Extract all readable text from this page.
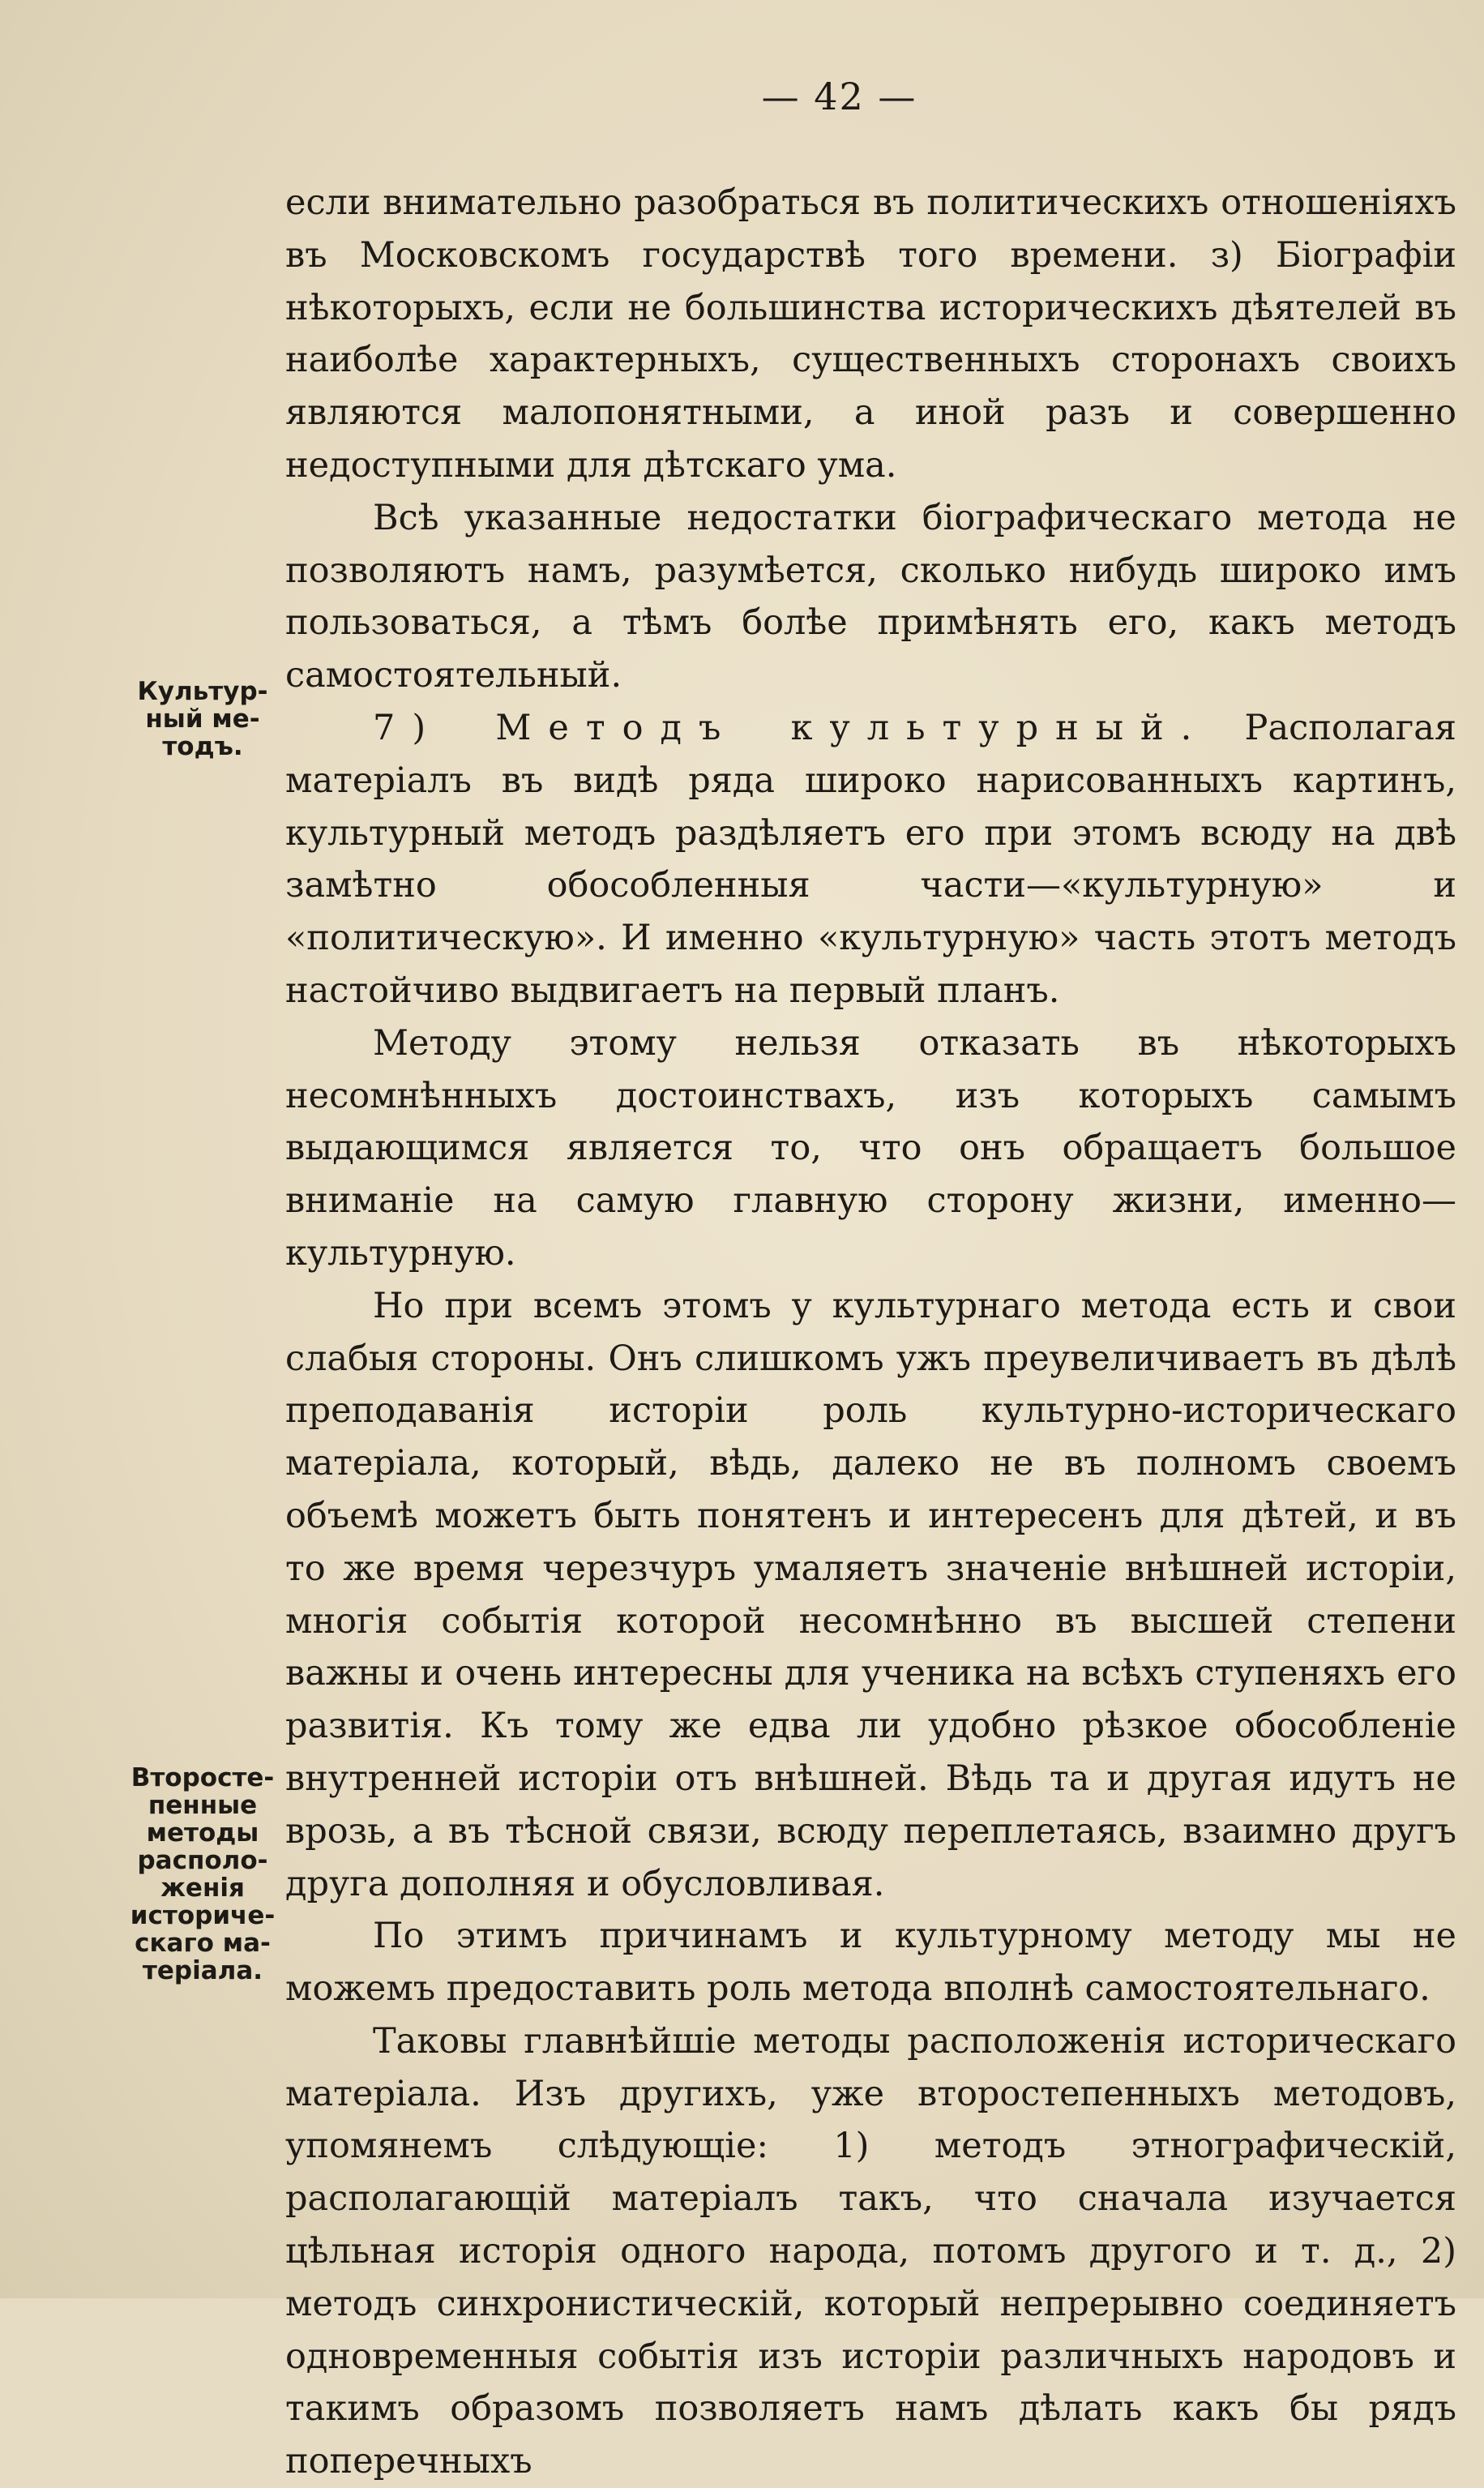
— 42 —
Культур-
ный ме-
тодъ.
Второсте-
пенные
методы
располо-
женія
историче-
скаго ма-
теріала.

если внимательно разобраться въ политическихъ отношеніяхъ въ Московскомъ государствѣ того времени. з) Біографіи нѣкоторыхъ, если не большинства историческихъ дѣятелей въ наиболѣе характерныхъ, существенныхъ сторонахъ своихъ являются малопонятными, а иной разъ и совершенно недоступными для дѣтскаго ума.

Всѣ указанные недостатки біографическаго метода не позволяютъ намъ, разумѣется, сколько нибудь широко имъ пользоваться, а тѣмъ болѣе примѣнять его, какъ методъ самостоятельный.

7) Методъ культурный. Располагая матеріалъ въ видѣ ряда широко нарисованныхъ картинъ, культурный методъ раздѣляетъ его при этомъ всюду на двѣ замѣтно обособленныя части—«культурную» и «политическую». И именно «культурную» часть этотъ методъ настойчиво выдвигаетъ на первый планъ.

Методу этому нельзя отказать въ нѣкоторыхъ несомнѣнныхъ достоинствахъ, изъ которыхъ самымъ выдающимся является то, что онъ обращаетъ большое вниманіе на самую главную сторону жизни, именно—культурную.

Но при всемъ этомъ у культурнаго метода есть и свои слабыя стороны. Онъ слишкомъ ужъ преувеличиваетъ въ дѣлѣ преподаванія исторіи роль культурно-историческаго матеріала, который, вѣдь, далеко не въ полномъ своемъ объемѣ можетъ быть понятенъ и интересенъ для дѣтей, и въ то же время черезчуръ умаляетъ значеніе внѣшней исторіи, многія событія которой несомнѣнно въ высшей степени важны и очень интересны для ученика на всѣхъ ступеняхъ его развитія. Къ тому же едва ли удобно рѣзкое обособленіе внутренней исторіи отъ внѣшней. Вѣдь та и другая идутъ не врозь, а въ тѣсной связи, всюду переплетаясь, взаимно другъ друга дополняя и обусловливая.

По этимъ причинамъ и культурному методу мы не можемъ предоставить роль метода вполнѣ самостоятельнаго.

Таковы главнѣйшіе методы расположенія историческаго матеріала. Изъ другихъ, уже второстепенныхъ методовъ, упомянемъ слѣдующіе: 1) методъ этнографическій, располагающій матеріалъ такъ, что сначала изучается цѣльная исторія одного народа, потомъ другого и т. д., 2) методъ синхронистическій, который непрерывно соединяетъ одновременныя событія изъ исторіи различныхъ народовъ и такимъ образомъ позволяетъ намъ дѣлать какъ бы рядъ поперечныхъ
